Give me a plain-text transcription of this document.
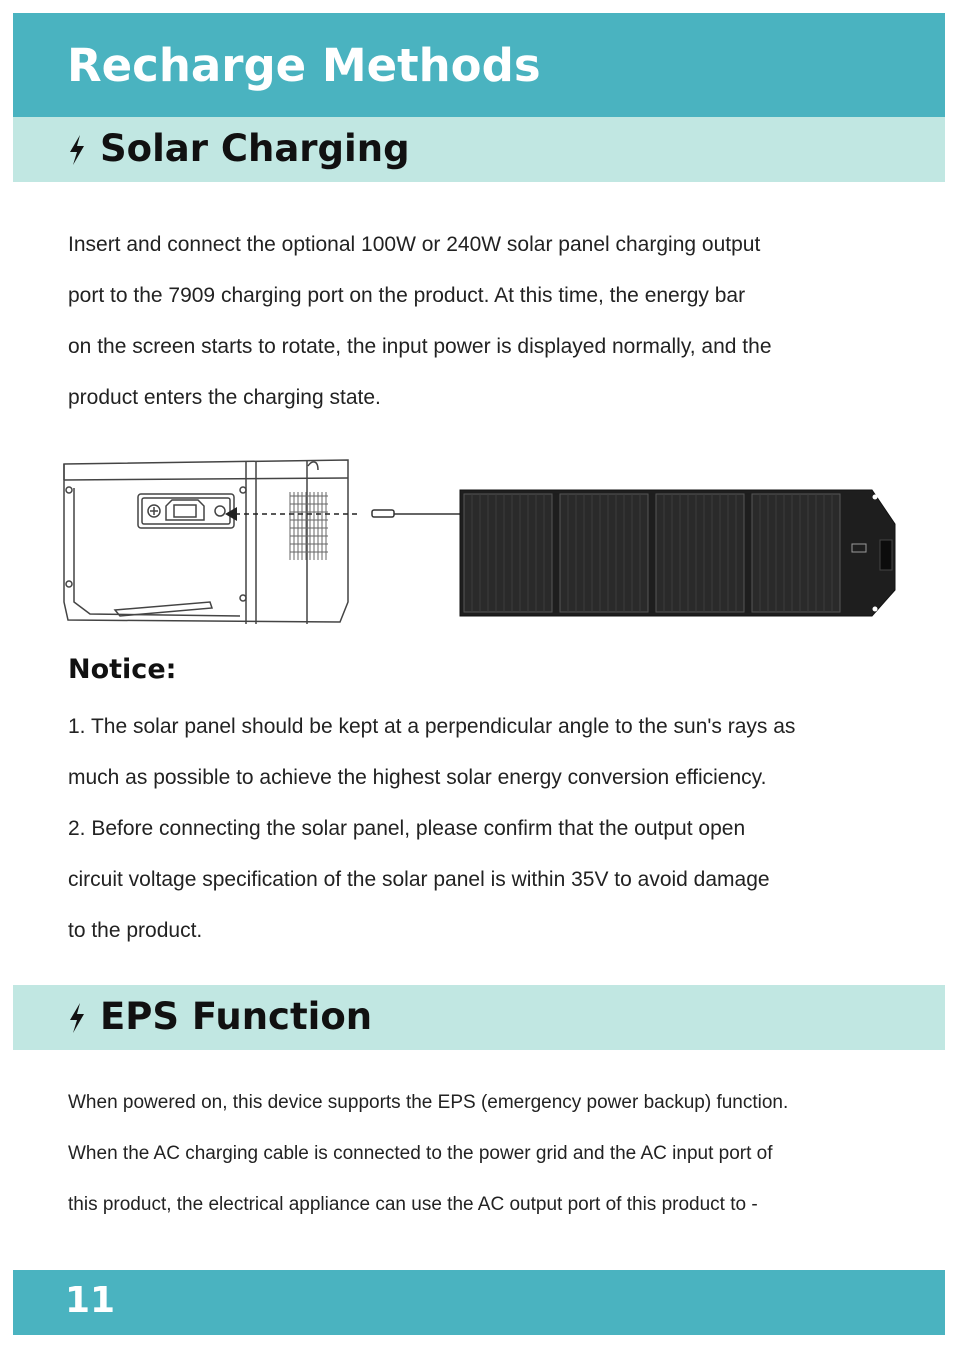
Recharge Methods
Solar Charging

Insert and connect the optional 100W or 240W solar panel charging output

port to the 7909 charging port on the product. At this time, the energy bar

on the screen starts to rotate, the input power is displayed normally, and the

product enters the charging state.

Notice:

1. The solar panel should be kept at a perpendicular angle to the sun's rays as

much as possible to achieve the highest solar energy conversion efficiency.

2. Before connecting the solar panel, please confirm that the output open

circuit voltage specification of the solar panel is within 35V to avoid damage

to the product.

EPS Function

When powered on, this device supports the EPS (emergency power backup) function.

When the AC charging cable is connected to the power grid and the AC input port of

this product, the electrical appliance can use the AC output port of this product to -

11
